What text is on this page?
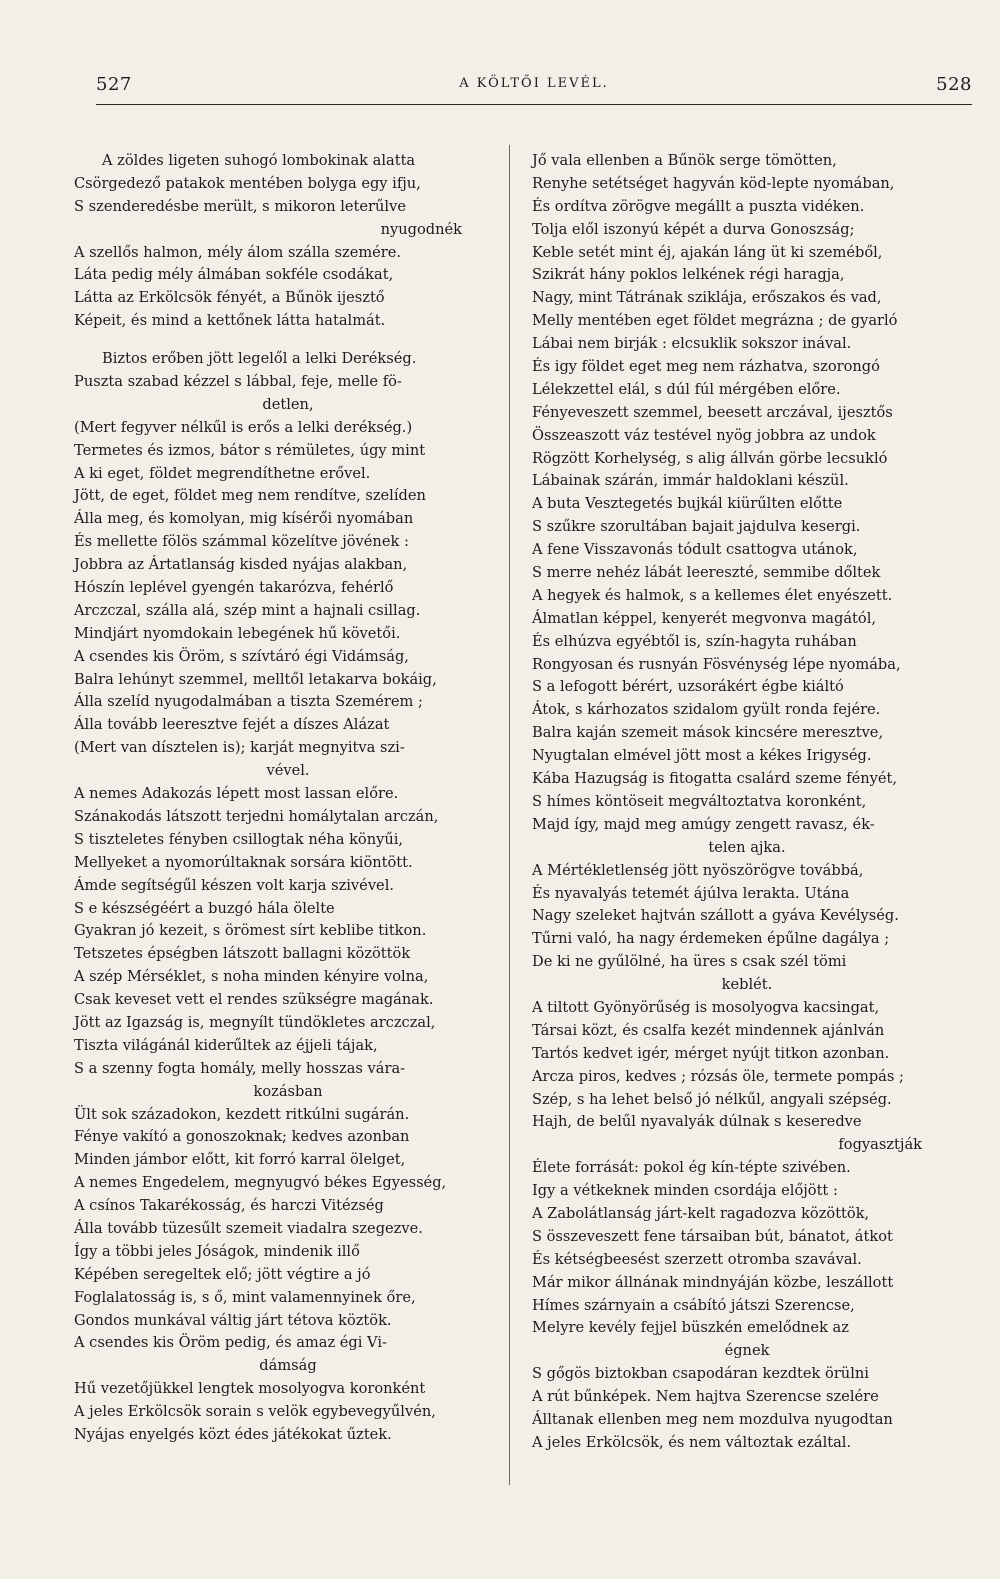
527	A KÖLTŐI LEVÉL.	528
A zöldes ligeten suhogó lombokinak alatta
Csörgedező patakok mentében bolyga egy ifju,
S szenderedésbe merült, s mikoron leterűlve
nyugodnék
A szellős halmon, mély álom szálla szemére.
Láta pedig mély álmában sokféle csodákat,
Látta az Erkölcsök fényét, a Bűnök ijesztő
Képeit, és mind a kettőnek látta hatalmát.
Biztos erőben jött legelől a lelki Derékség.
Puszta szabad kézzel s lábbal, feje, melle fö-
detlen,
(Mert fegyver nélkűl is erős a lelki derékség.)
Termetes és izmos, bátor s rémületes, úgy mint
A ki eget, földet megrendíthetne erővel.
Jött, de eget, földet meg nem rendítve, szelíden
Álla meg, és komolyan, mig kísérői nyomában
És mellette fölös számmal közelítve jövének :
Jobbra az Ártatlanság kisded nyájas alakban,
Hószín leplével gyengén takarózva, fehérlő
Arczczal, szálla alá, szép mint a hajnali csillag.
Mindjárt nyomdokain lebegének hű követői.
A csendes kis Öröm, s szívtáró égi Vidámság,
Balra lehúnyt szemmel, melltől letakarva bokáig,
Álla szelíd nyugodalmában a tiszta Szemérem ;
Álla tovább leeresztve fejét a díszes Alázat
(Mert van dísztelen is); karját megnyitva szi-
vével.
A nemes Adakozás lépett most lassan előre.
Szánakodás látszott terjedni homálytalan arczán,
S tiszteletes fényben csillogtak néha könyűi,
Mellyeket a nyomorúltaknak sorsára kiöntött.
Ámde segítségűl készen volt karja szivével.
S e készségéért a buzgó hála ölelte
Gyakran jó kezeit, s örömest sírt keblibe titkon.
Tetszetes épségben látszott ballagni közöttök
A szép Mérséklet, s noha minden kényire volna,
Csak keveset vett el rendes szükségre magának.
Jött az Igazság is, megnyílt tündökletes arczczal,
Tiszta világánál kiderűltek az éjjeli tájak,
S a szenny fogta homály, melly hosszas vára-
kozásban
Ült sok századokon, kezdett ritkúlni sugárán.
Fénye vakító a gonoszoknak; kedves azonban
Minden jámbor előtt, kit forró karral ölelget,
A nemes Engedelem, megnyugvó békes Egyesség,
A csínos Takarékosság, és harczi Vitézség
Álla tovább tüzesűlt szemeit viadalra szegezve.
Így a többi jeles Jóságok, mindenik illő
Képében seregeltek elő; jött végtire a jó
Foglalatosság is, s ő, mint valamennyinek őre,
Gondos munkával váltig járt tétova köztök.
A csendes kis Öröm pedig, és amaz égi Vi-
dámság
Hű vezetőjükkel lengtek mosolyogva koronként
A jeles Erkölcsök sorain s velök egybevegyűlvén,
Nyájas enyelgés közt édes játékokat űztek.
Jő vala ellenben a Bűnök serge tömötten,
Renyhe setétséget hagyván köd-lepte nyomában,
És ordítva zörögve megállt a puszta vidéken.
Tolja elől iszonyú képét a durva Gonoszság;
Keble setét mint éj, ajakán láng üt ki szeméből,
Szikrát hány poklos lelkének régi haragja,
Nagy, mint Tátrának sziklája, erőszakos és vad,
Melly mentében eget földet megrázna ; de gyarló
Lábai nem birják : elcsuklik sokszor inával.
És igy földet eget meg nem rázhatva, szorongó
Lélekzettel elál, s dúl fúl mérgében előre.
Fényeveszett szemmel, beesett arczával, ijesztős
Összeaszott váz testével nyög jobbra az undok
Rögzött Korhelység, s alig állván görbe lecsukló
Lábainak szárán, immár haldoklani készül.
A buta Vesztegetés bujkál kiürűlten előtte
S szűkre szorultában bajait jajdulva kesergi.
A fene Visszavonás tódult csattogva utánok,
S merre nehéz lábát leereszté, semmibe dőltek
A hegyek és halmok, s a kellemes élet enyészett.
Álmatlan képpel, kenyerét megvonva magától,
És elhúzva egyébtől is, szín-hagyta ruhában
Rongyosan és rusnyán Fösvénység lépe nyomába,
S a lefogott bérért, uzsorákért égbe kiáltó
Átok, s kárhozatos szidalom gyült ronda fejére.
Balra kaján szemeit mások kincsére meresztve,
Nyugtalan elmével jött most a kékes Irigység.
Kába Hazugság is fitogatta csalárd szeme fényét,
S hímes köntöseit megváltoztatva koronként,
Majd így, majd meg amúgy zengett ravasz, ék-
telen ajka.
A Mértékletlenség jött nyöszörögve továbbá,
És nyavalyás tetemét ájúlva lerakta. Utána
Nagy szeleket hajtván szállott a gyáva Kevélység.
Tűrni való, ha nagy érdemeken épűlne dagálya ;
De ki ne gyűlölné, ha üres s csak szél tömi
keblét.
A tiltott Gyönyörűség is mosolyogva kacsingat,
Társai közt, és csalfa kezét mindennek ajánlván
Tartós kedvet igér, mérget nyújt titkon azonban.
Arcza piros, kedves ; rózsás öle, termete pompás ;
Szép, s ha lehet belső jó nélkűl, angyali szépség.
Hajh, de belűl nyavalyák dúlnak s keseredve
fogyasztják
Élete forrását: pokol ég kín-tépte szivében.
Igy a vétkeknek minden csordája előjött :
A Zabolátlanság járt-kelt ragadozva közöttök,
S összeveszett fene társaiban bút, bánatot, átkot
És kétségbeesést szerzett otromba szavával.
Már mikor állnának mindnyáján közbe, leszállott
Hímes szárnyain a csábító játszi Szerencse,
Melyre kevély fejjel büszkén emelődnek az
égnek
S gőgös biztokban csapodáran kezdtek örülni
A rút bűnképek. Nem hajtva Szerencse szelére
Álltanak ellenben meg nem mozdulva nyugodtan
A jeles Erkölcsök, és nem változtak ezáltal.
